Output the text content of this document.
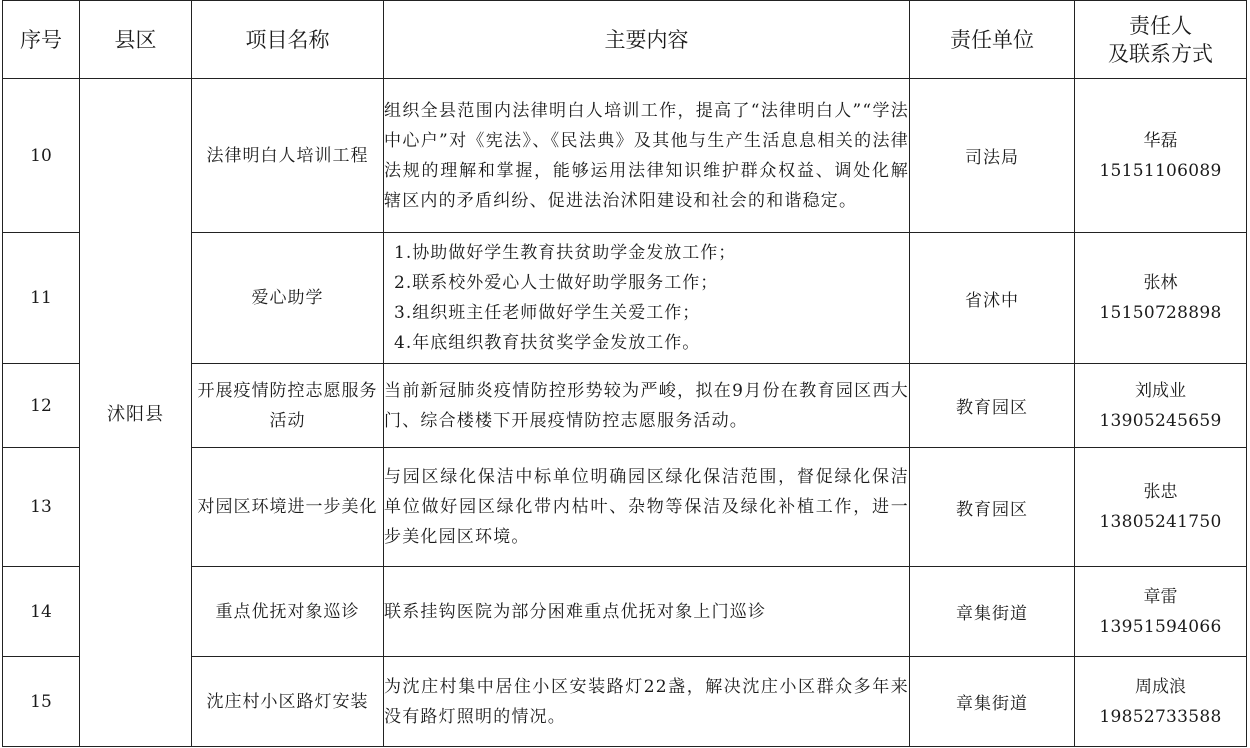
序号	县区	项目名称	主要内容	责任单位	责任人
及联系方式

10	沭阳县	法律明白人培训工程	组织全县范围内法律明白人培训工作，提高了“法律明白人”“学法中心户”对《宪法》、《民法典》及其他与生产生活息息相关的法律法规的理解和掌握，能够运用法律知识维护群众权益、调处化解辖区内的矛盾纠纷、促进法治沭阳建设和社会的和谐稳定。	司法局	华磊
15151106089

11		爱心助学	1.协助做好学生教育扶贫助学金发放工作；
2.联系校外爱心人士做好助学服务工作；
3.组织班主任老师做好学生关爱工作；
4.年底组织教育扶贫奖学金发放工作。	省沭中	张林
15150728898

12		开展疫情防控志愿服务活动	当前新冠肺炎疫情防控形势较为严峻，拟在9月份在教育园区西大门、综合楼楼下开展疫情防控志愿服务活动。	教育园区	刘成业
13905245659

13		对园区环境进一步美化	与园区绿化保洁中标单位明确园区绿化保洁范围，督促绿化保洁单位做好园区绿化带内枯叶、杂物等保洁及绿化补植工作，进一步美化园区环境。	教育园区	张忠
13805241750

14		重点优抚对象巡诊	联系挂钩医院为部分困难重点优抚对象上门巡诊	章集街道	章雷
13951594066

15		沈庄村小区路灯安装	为沈庄村集中居住小区安装路灯22盏，解决沈庄小区群众多年来没有路灯照明的情况。	章集街道	周成浪
19852733588
